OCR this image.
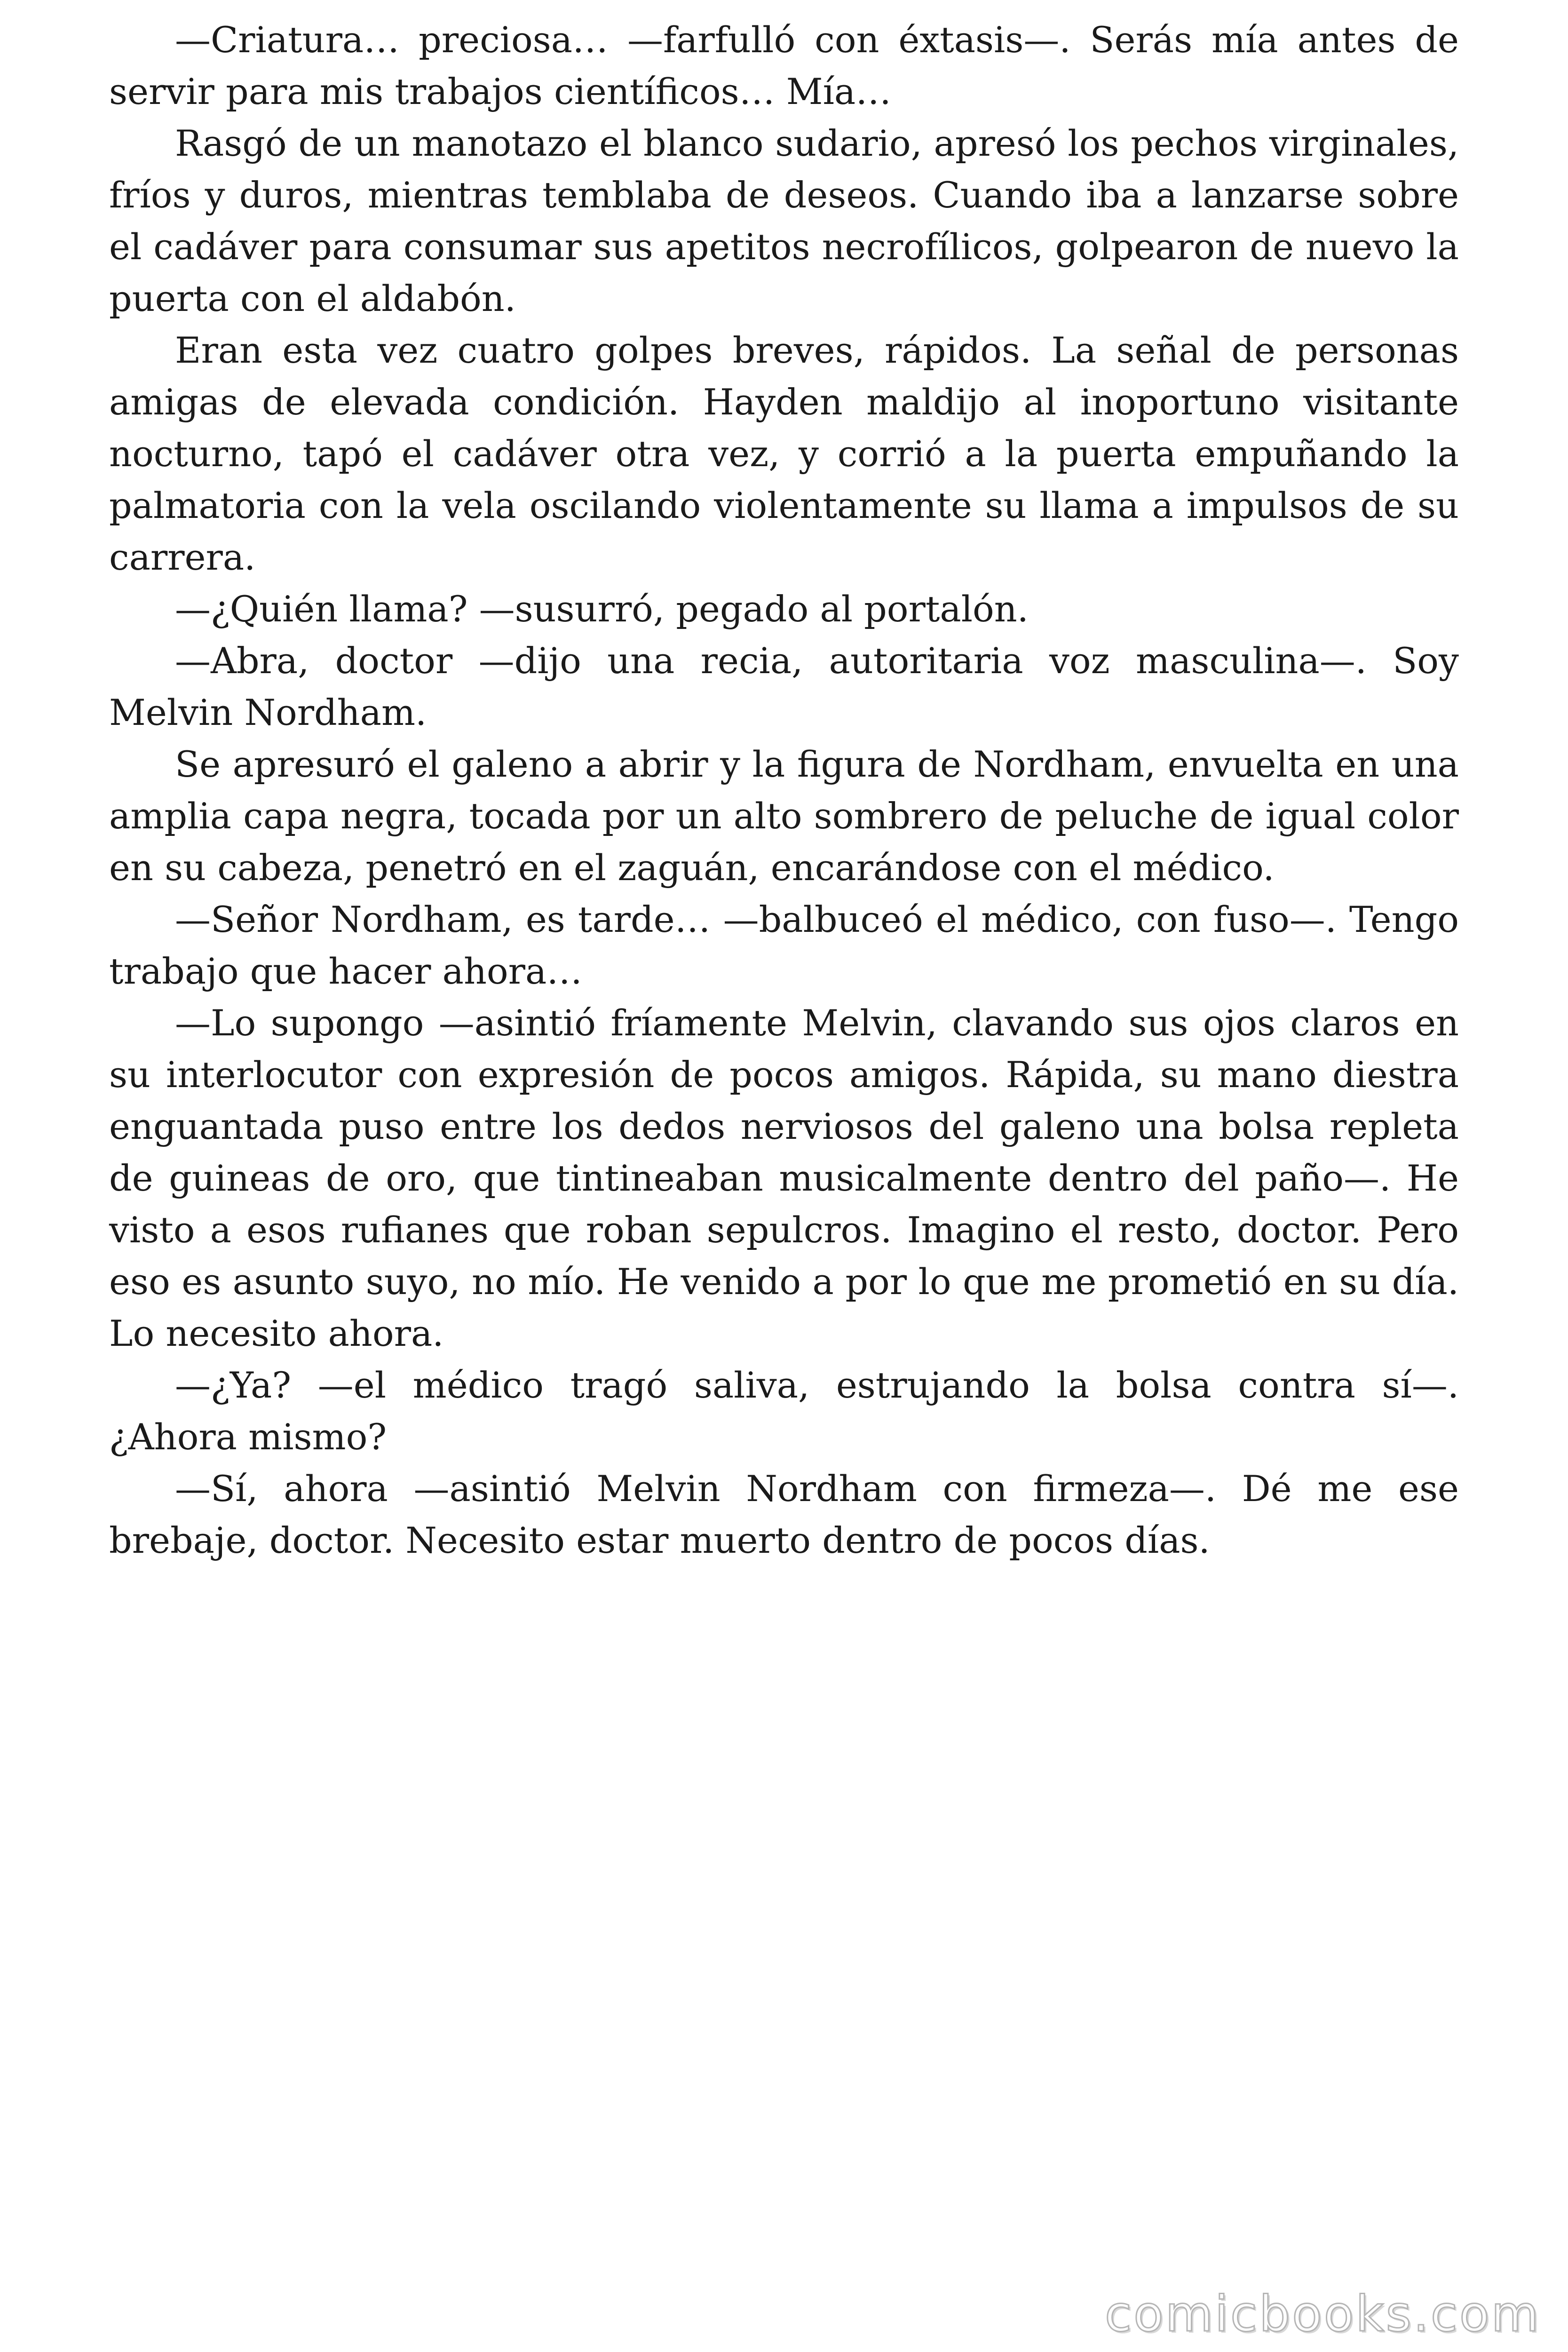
—Criatura… preciosa… —farfulló con éxtasis—. Serás mía antes de servir para mis trabajos científicos… Mía…

Rasgó de un manotazo el blanco sudario, apresó los pechos virginales, fríos y duros, mientras temblaba de deseos. Cuando iba a lanzarse sobre el cadáver para consumar sus apetitos necrofílicos, golpearon de nuevo la puerta con el aldabón.

Eran esta vez cuatro golpes breves, rápidos. La señal de personas amigas de elevada condición. Hayden maldijo al inoportuno visitante nocturno, tapó el cadáver otra vez, y corrió a la puerta empuñando la palmatoria con la vela oscilando violentamente su llama a impulsos de su carrera.

—¿Quién llama? —susurró, pegado al portalón.

—Abra, doctor —dijo una recia, autoritaria voz masculina—. Soy Melvin Nordham.

Se apresuró el galeno a abrir y la figura de Nordham, envuelta en una amplia capa negra, tocada por un alto sombrero de peluche de igual color en su cabeza, penetró en el zaguán, encarándose con el médico.

—Señor Nordham, es tarde… —balbuceó el médico, con fuso—. Tengo trabajo que hacer ahora…

—Lo supongo —asintió fríamente Melvin, clavando sus ojos claros en su interlocutor con expresión de pocos amigos. Rápida, su mano diestra enguantada puso entre los dedos nerviosos del galeno una bolsa repleta de guineas de oro, que tintineaban musicalmente dentro del paño—. He visto a esos rufianes que roban sepulcros. Imagino el resto, doctor. Pero eso es asunto suyo, no mío. He venido a por lo que me prometió en su día. Lo necesito ahora.

—¿Ya? —el médico tragó saliva, estrujando la bolsa contra sí—. ¿Ahora mismo?

—Sí, ahora —asintió Melvin Nordham con firmeza—. Dé me ese brebaje, doctor. Necesito estar muerto dentro de pocos días.

comicbooks.com
